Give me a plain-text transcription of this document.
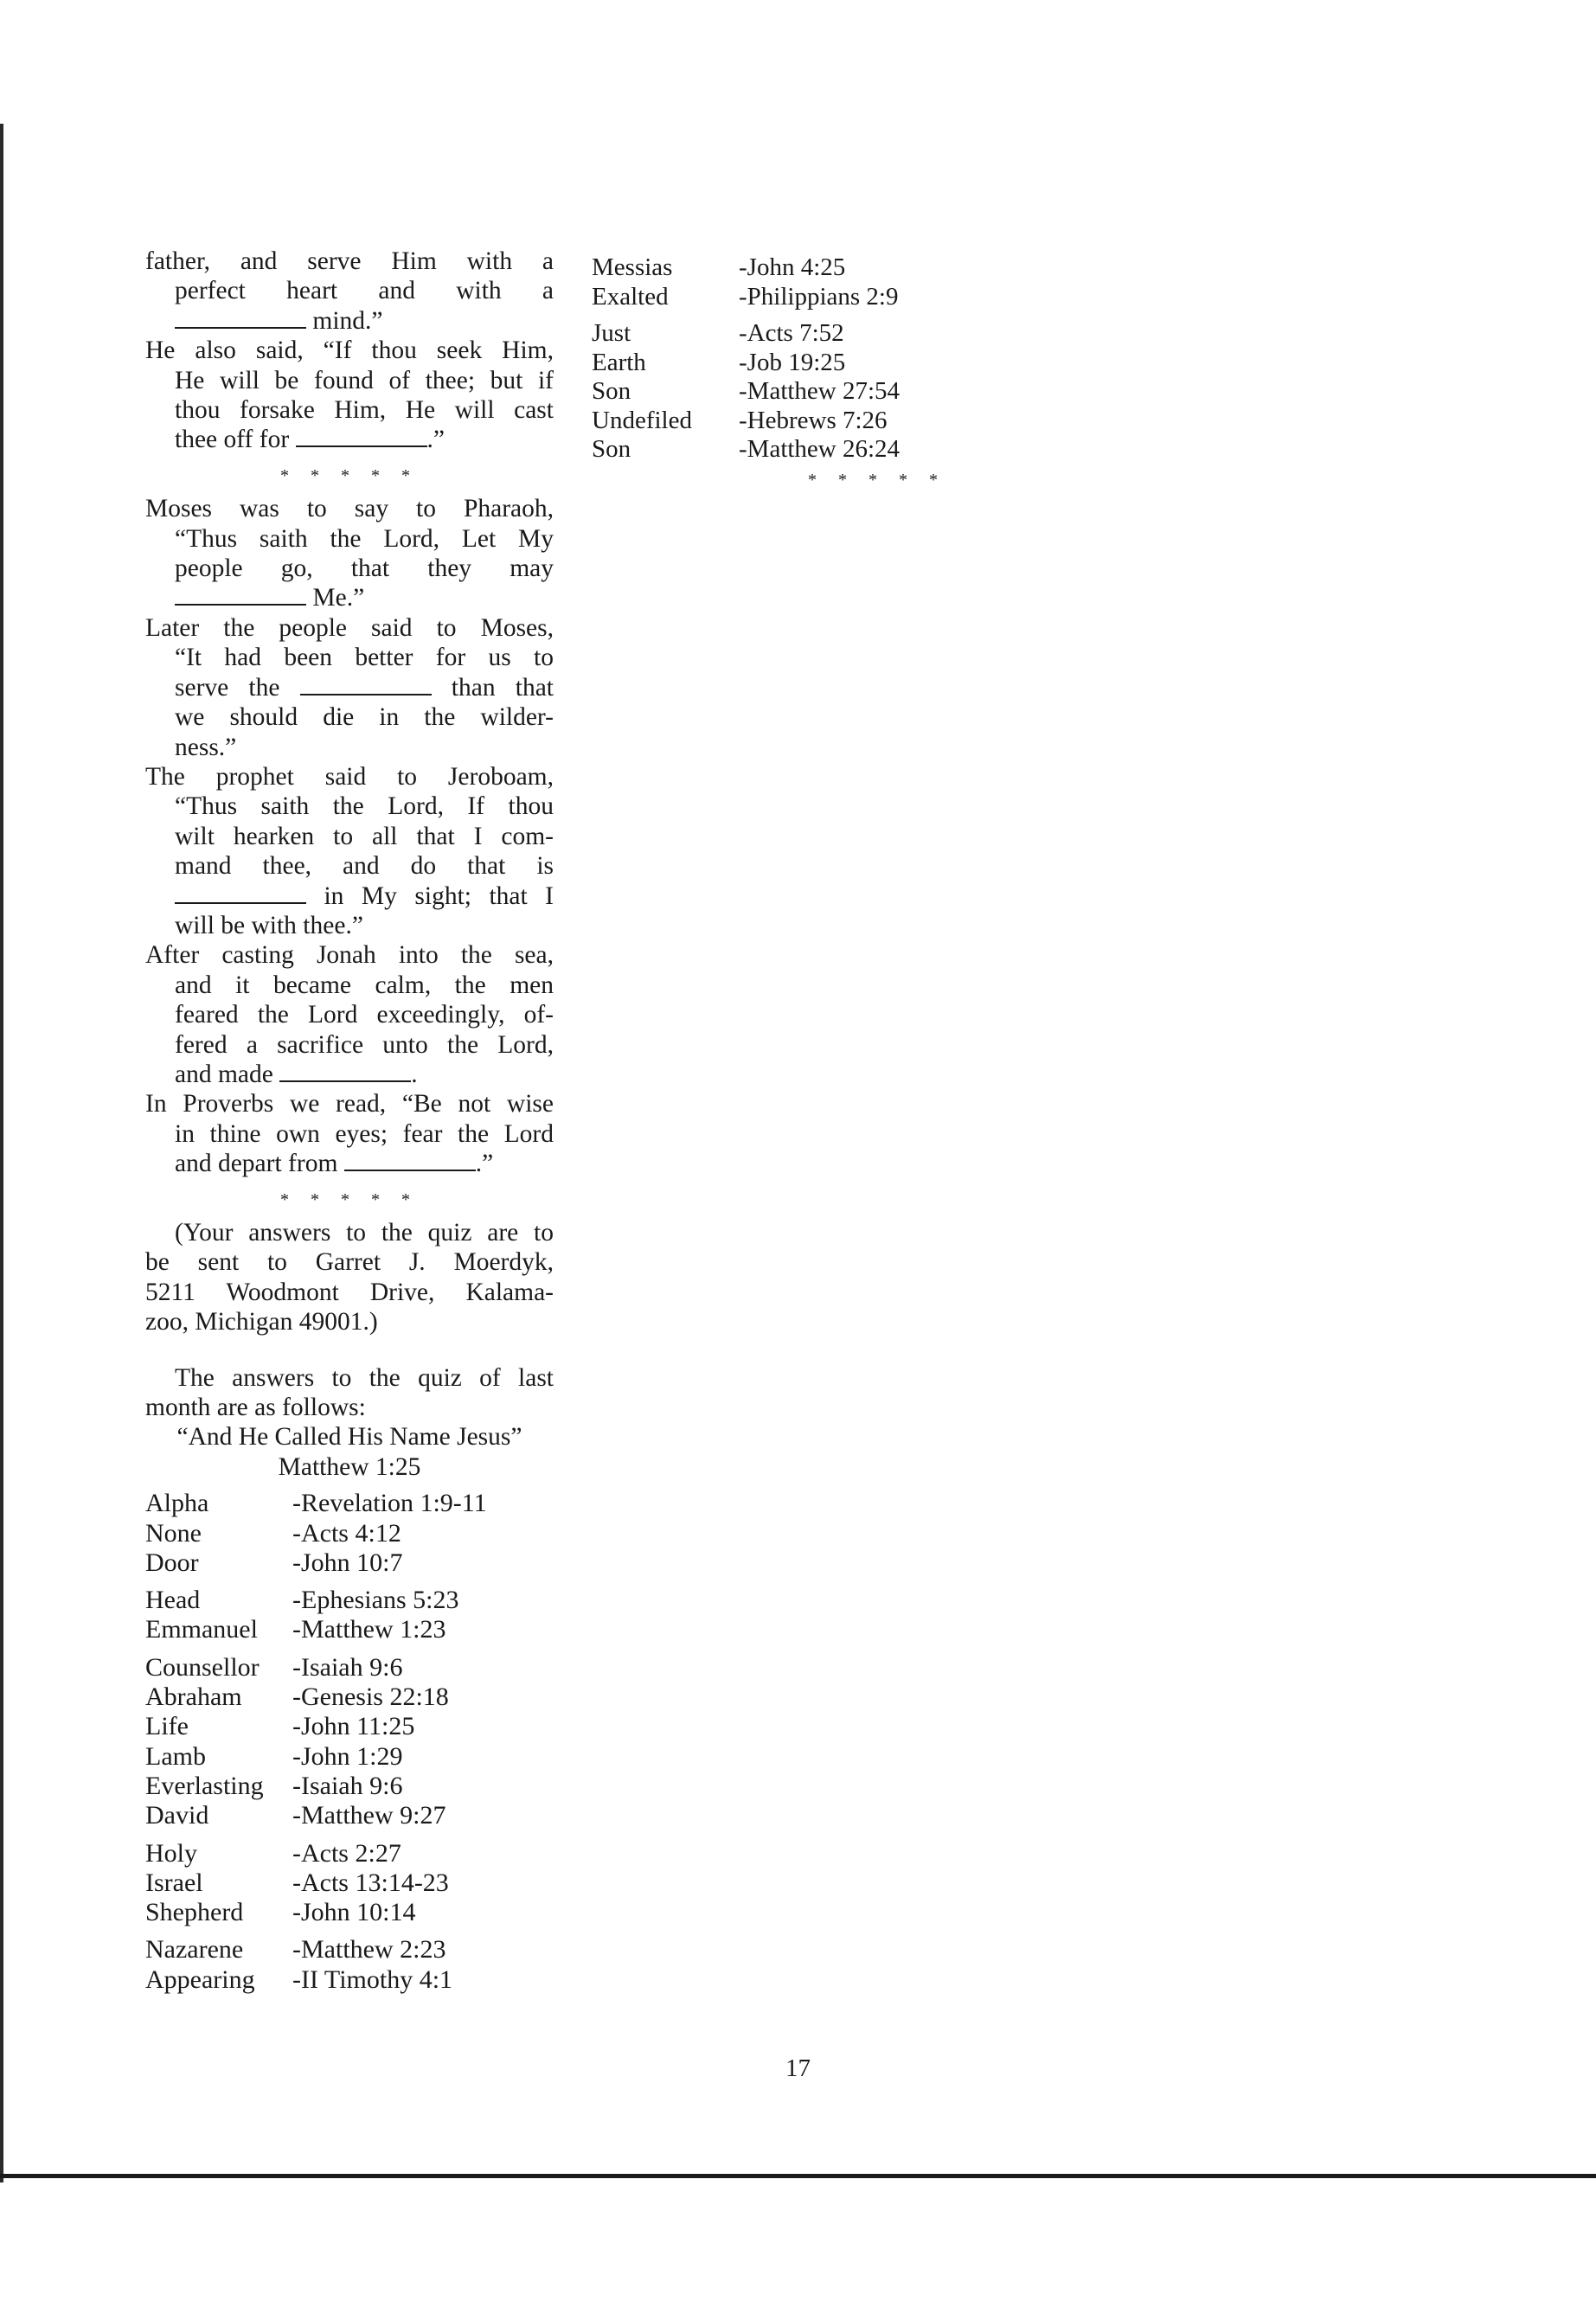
father, and serve Him with a
perfect heart and with a
mind.”
He also said, “If thou seek Him,
He will be found of thee; but if
thou forsake Him, He will cast
thee off for	.”
* * * * *
Moses was to say to Pharaoh,
“Thus saith the Lord, Let My
people go, that they may
Me.”
Later the people said to Moses,
“It had been better for us to
serve the	than that
we should die in the wilder-
ness.”
The prophet said to Jeroboam,
“Thus saith the Lord, If thou
wilt hearken to all that I com-
mand thee, and do that is
in My sight; that I
will be with thee.”
After casting Jonah into the sea,
and it became calm, the men
feared the Lord exceedingly, of-
fered a sacrifice unto the Lord,
and made	.
In Proverbs we read, “Be not wise
in thine own eyes; fear the Lord
and depart from	.”
* * * * *
(Your answers to the quiz are to
be sent to Garret J. Moerdyk,
5211 Woodmont Drive, Kalama-
zoo, Michigan 49001.)
The answers to the quiz of last
month are as follows:
“And He Called His Name Jesus”
Matthew 1:25
Alpha	-Revelation 1:9-11
None	-Acts 4:12
Door	-John 10:7
Head	-Ephesians 5:23
Emmanuel	-Matthew 1:23
Counsellor	-Isaiah 9:6
Abraham	-Genesis 22:18
Life	-John 11:25
Lamb	-John 1:29
Everlasting	-Isaiah 9:6
David	-Matthew 9:27
Holy	-Acts 2:27
Israel	-Acts 13:14-23
Shepherd	-John 10:14
Nazarene	-Matthew 2:23
Appearing	-II Timothy 4:1
Messias	-John 4:25
Exalted	-Philippians 2:9
Just	-Acts 7:52
Earth	-Job 19:25
Son	-Matthew 27:54
Undefiled	-Hebrews 7:26
Son	-Matthew 26:24
* * * * *
17
